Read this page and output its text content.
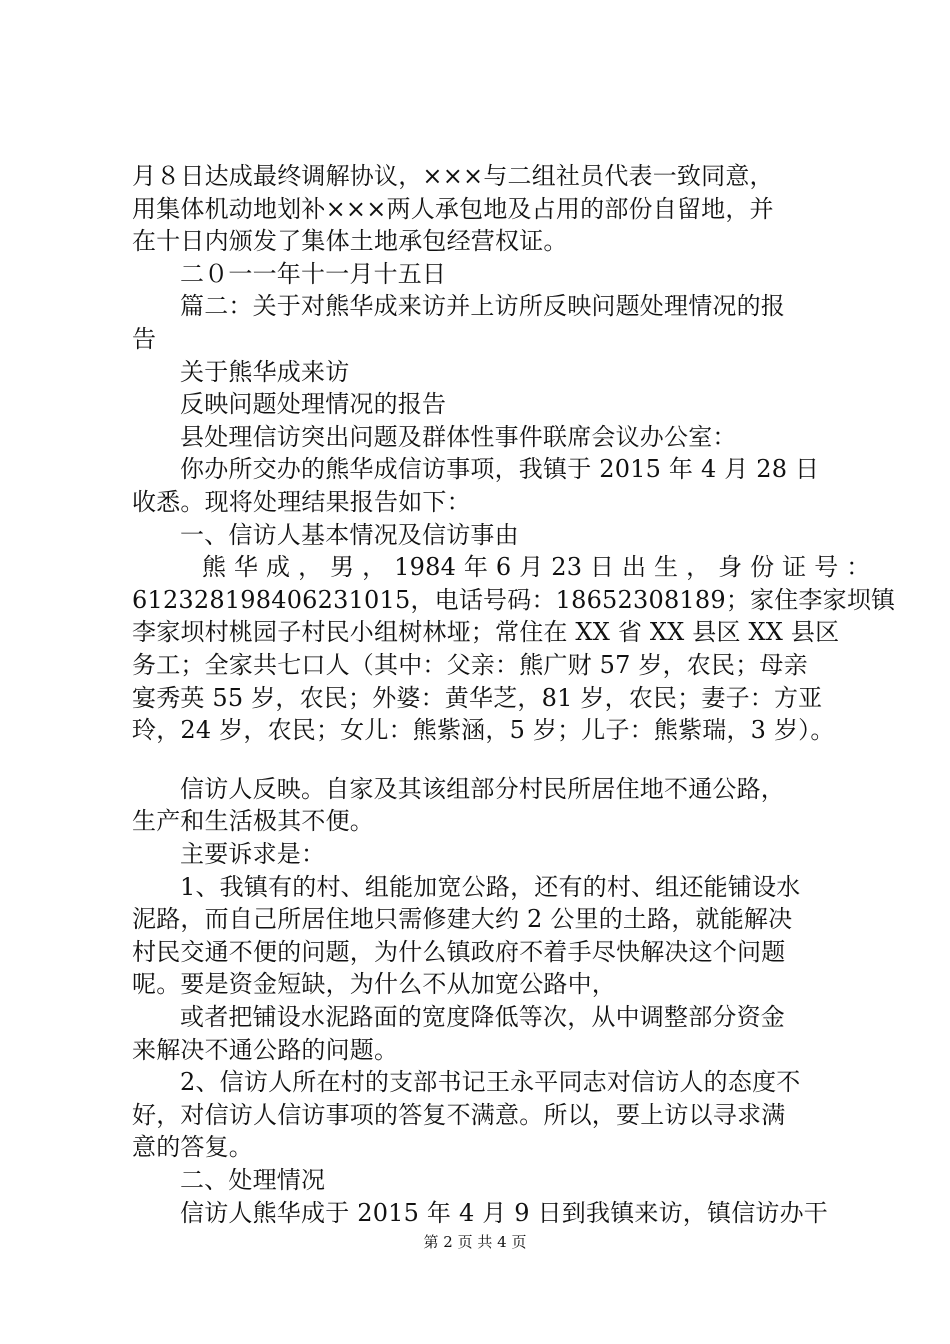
月８日达成最终调解协议，×××与二组社员代表一致同意，
用集体机动地划补×××两人承包地及占用的部份自留地，并
在十日内颁发了集体土地承包经营权证。
二０一一年十一月十五日
篇二：关于对熊华成来访并上访所反映问题处理情况的报
告
关于熊华成来访
反映问题处理情况的报告
县处理信访突出问题及群体性事件联席会议办公室：
你办所交办的熊华成信访事项，我镇于 2015 年 4 月 28 日
收悉。现将处理结果报告如下：
一、信访人基本情况及信访事由
熊 华 成 ， 男 ， 1984 年 6 月 23 日 出 生 ， 身 份 证 号 ：
612328198406231015，电话号码：18652308189；家住李家坝镇
李家坝村桃园子村民小组树林垭；常住在 XX 省 XX 县区 XX 县区
务工；全家共七口人（其中：父亲：熊广财 57 岁，农民；母亲
宴秀英 55 岁，农民；外婆：黄华芝，81 岁，农民；妻子：方亚
玲，24 岁，农民；女儿：熊紫涵，5 岁；儿子：熊紫瑞，3 岁）。
信访人反映。自家及其该组部分村民所居住地不通公路，
生产和生活极其不便。
主要诉求是：
1、我镇有的村、组能加宽公路，还有的村、组还能铺设水
泥路，而自己所居住地只需修建大约 2 公里的土路，就能解决
村民交通不便的问题，为什么镇政府不着手尽快解决这个问题
呢。要是资金短缺，为什么不从加宽公路中，
或者把铺设水泥路面的宽度降低等次，从中调整部分资金
来解决不通公路的问题。
第 2 页 共 4 页
2、信访人所在村的支部书记王永平同志对信访人的态度不
好，对信访人信访事项的答复不满意。所以，要上访以寻求满
意的答复。
二、处理情况
信访人熊华成于 2015 年 4 月 9 日到我镇来访，镇信访办干
